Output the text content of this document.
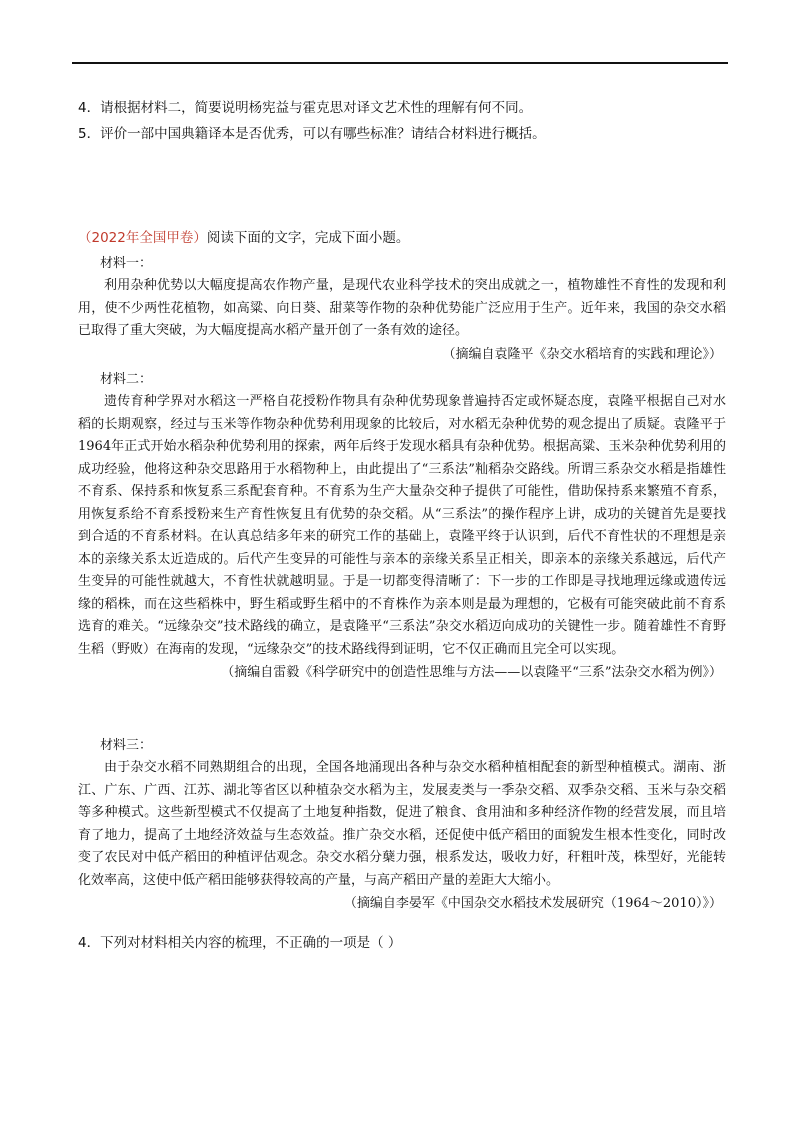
4．请根据材料二，简要说明杨宪益与霍克思对译文艺术性的理解有何不同。
5．评价一部中国典籍译本是否优秀，可以有哪些标准？请结合材料进行概括。
（2022年全国甲卷）阅读下面的文字，完成下面小题。
材料一：
利用杂种优势以大幅度提高农作物产量，是现代农业科学技术的突出成就之一，植物雄性不育性的发现和利用，使不少两性花植物，如高粱、向日葵、甜菜等作物的杂种优势能广泛应用于生产。近年来，我国的杂交水稻已取得了重大突破，为大幅度提高水稻产量开创了一条有效的途径。
（摘编自袁隆平《杂交水稻培育的实践和理论》）
材料二：
遗传育种学界对水稻这一严格自花授粉作物具有杂种优势现象普遍持否定或怀疑态度，袁隆平根据自己对水稻的长期观察，经过与玉米等作物杂种优势利用现象的比较后，对水稻无杂种优势的观念提出了质疑。袁隆平于1964年正式开始水稻杂种优势利用的探索，两年后终于发现水稻具有杂种优势。根据高粱、玉米杂种优势利用的成功经验，他将这种杂交思路用于水稻物种上，由此提出了“三系法”籼稻杂交路线。所谓三系杂交水稻是指雄性不育系、保持系和恢复系三系配套育种。不育系为生产大量杂交种子提供了可能性，借助保持系来繁殖不育系，用恢复系给不育系授粉来生产育性恢复且有优势的杂交稻。从“三系法”的操作程序上讲，成功的关键首先是要找到合适的不育系材料。在认真总结多年来的研究工作的基础上，袁隆平终于认识到，后代不育性状的不理想是亲本的亲缘关系太近造成的。后代产生变异的可能性与亲本的亲缘关系呈正相关，即亲本的亲缘关系越远，后代产生变异的可能性就越大，不育性状就越明显。于是一切都变得清晰了：下一步的工作即是寻找地理远缘或遗传远缘的稻株，而在这些稻株中，野生稻或野生稻中的不育株作为亲本则是最为理想的，它极有可能突破此前不育系选育的难关。“远缘杂交”技术路线的确立，是袁隆平“三系法”杂交水稻迈向成功的关键性一步。随着雄性不育野生稻（野败）在海南的发现，“远缘杂交”的技术路线得到证明，它不仅正确而且完全可以实现。
（摘编自雷毅《科学研究中的创造性思维与方法——以袁隆平“三系”法杂交水稻为例》）
材料三：
由于杂交水稻不同熟期组合的出现，全国各地涌现出各种与杂交水稻种植相配套的新型种植模式。湖南、浙江、广东、广西、江苏、湖北等省区以种植杂交水稻为主，发展麦类与一季杂交稻、双季杂交稻、玉米与杂交稻等多种模式。这些新型模式不仅提高了土地复种指数，促进了粮食、食用油和多种经济作物的经营发展，而且培育了地力，提高了土地经济效益与生态效益。推广杂交水稻，还促使中低产稻田的面貌发生根本性变化，同时改变了农民对中低产稻田的种植评估观念。杂交水稻分蘖力强，根系发达，吸收力好，秆粗叶茂，株型好，光能转化效率高，这使中低产稻田能够获得较高的产量，与高产稻田产量的差距大大缩小。
（摘编自李晏军《中国杂交水稻技术发展研究（1964～2010）》）
4．下列对材料相关内容的梳理，不正确的一项是（ ）
